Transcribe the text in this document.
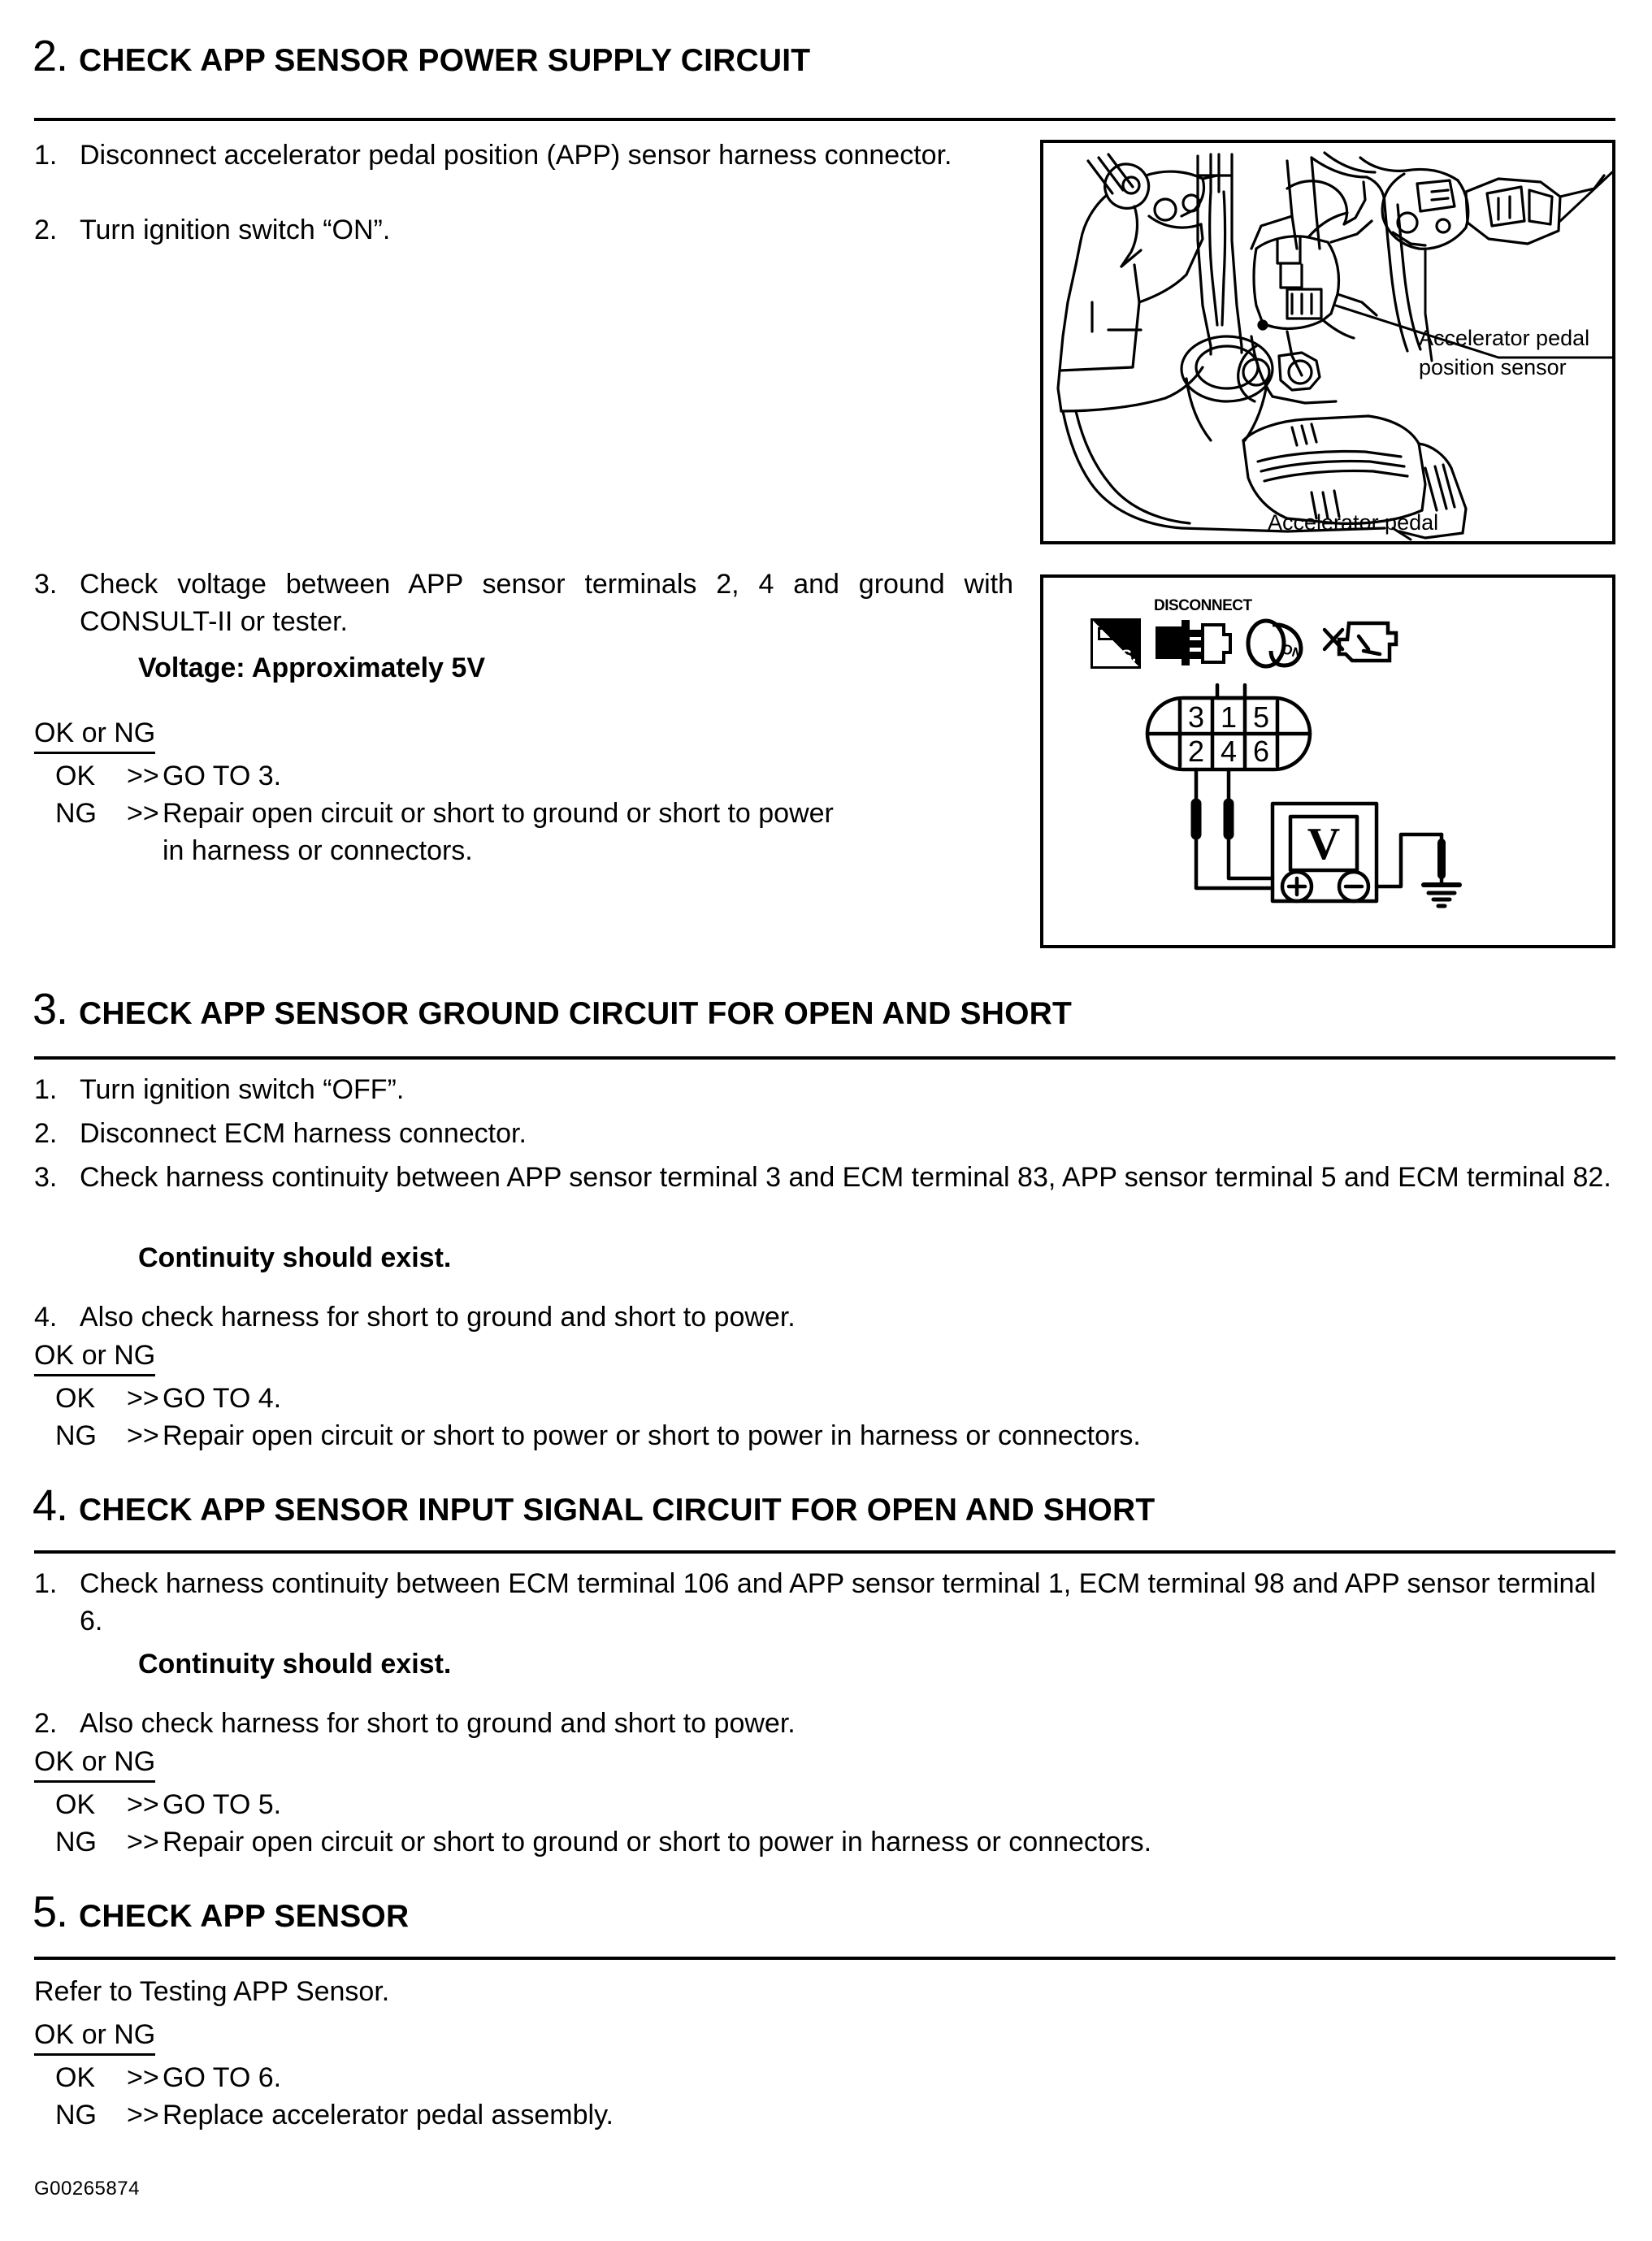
2. CHECK APP SENSOR POWER SUPPLY CIRCUIT
1. Disconnect accelerator pedal position (APP) sensor harness connector.
2. Turn ignition switch “ON”.
3. Check voltage between APP sensor terminals 2, 4 and ground with CONSULT-II or tester.
Voltage: Approximately 5V
OK or NG
OK	>> GO TO 3.
NG	>> Repair open circuit or short to ground or short to power
in harness or connectors.
Accelerator pedal
position sensor
Accelerator pedal
T.S.
DISCONNECT
ON
3 1 5
2 4 6
V
3. CHECK APP SENSOR GROUND CIRCUIT FOR OPEN AND SHORT
1. Turn ignition switch “OFF”.
2. Disconnect ECM harness connector.
3. Check harness continuity between APP sensor terminal 3 and ECM terminal 83, APP sensor terminal 5 and ECM terminal 82.
Continuity should exist.
4. Also check harness for short to ground and short to power.
OK or NG
OK	>> GO TO 4.
NG	>> Repair open circuit or short to power or short to power in harness or connectors.
4. CHECK APP SENSOR INPUT SIGNAL CIRCUIT FOR OPEN AND SHORT
1. Check harness continuity between ECM terminal 106 and APP sensor terminal 1, ECM terminal 98 and APP sensor terminal 6.
Continuity should exist.
2. Also check harness for short to ground and short to power.
OK or NG
OK	>> GO TO 5.
NG	>> Repair open circuit or short to ground or short to power in harness or connectors.
5. CHECK APP SENSOR
Refer to Testing APP Sensor.
OK or NG
OK	>> GO TO 6.
NG	>> Replace accelerator pedal assembly.
G00265874
